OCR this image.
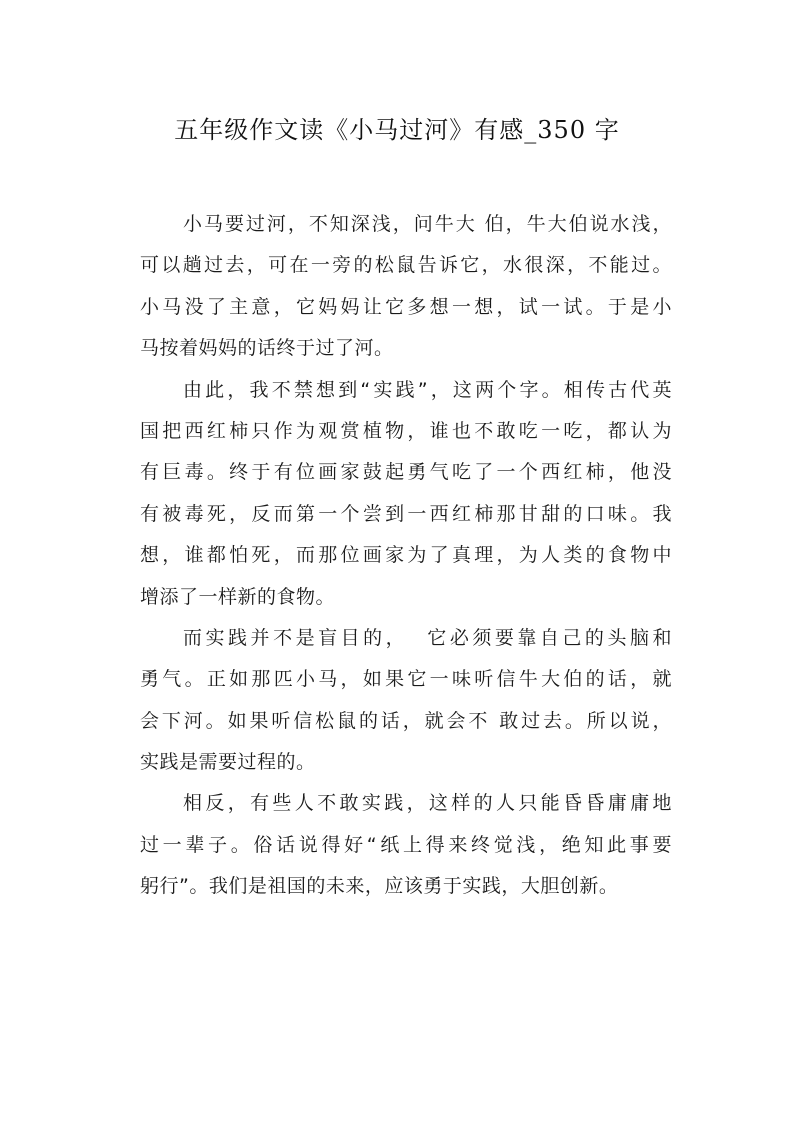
五年级作文读《小马过河》有感_350 字

小马要过河，不知深浅，问牛大 伯，牛大伯说水浅，
可以趟过去，可在一旁的松鼠告诉它，水很深，不能过。
小马没了主意，它妈妈让它多想一想，试一试。于是小
马按着妈妈的话终于过了河。

由此，我不禁想到“实践”，这两个字。相传古代英
国把西红柿只作为观赏植物，谁也不敢吃一吃，都认为
有巨毒。终于有位画家鼓起勇气吃了一个西红柿，他没
有被毒死，反而第一个尝到一西红柿那甘甜的口味。我
想，谁都怕死，而那位画家为了真理，为人类的食物中
增添了一样新的食物。

而实践并不是盲目的，  它必须要靠自己的头脑和
勇气。正如那匹小马，如果它一味听信牛大伯的话，就
会下河。如果听信松鼠的话，就会不 敢过去。所以说，
实践是需要过程的。

相反，有些人不敢实践，这样的人只能昏昏庸庸地
过一辈子。俗话说得好“纸上得来终觉浅，绝知此事要
躬行”。我们是祖国的未来，应该勇于实践，大胆创新。
